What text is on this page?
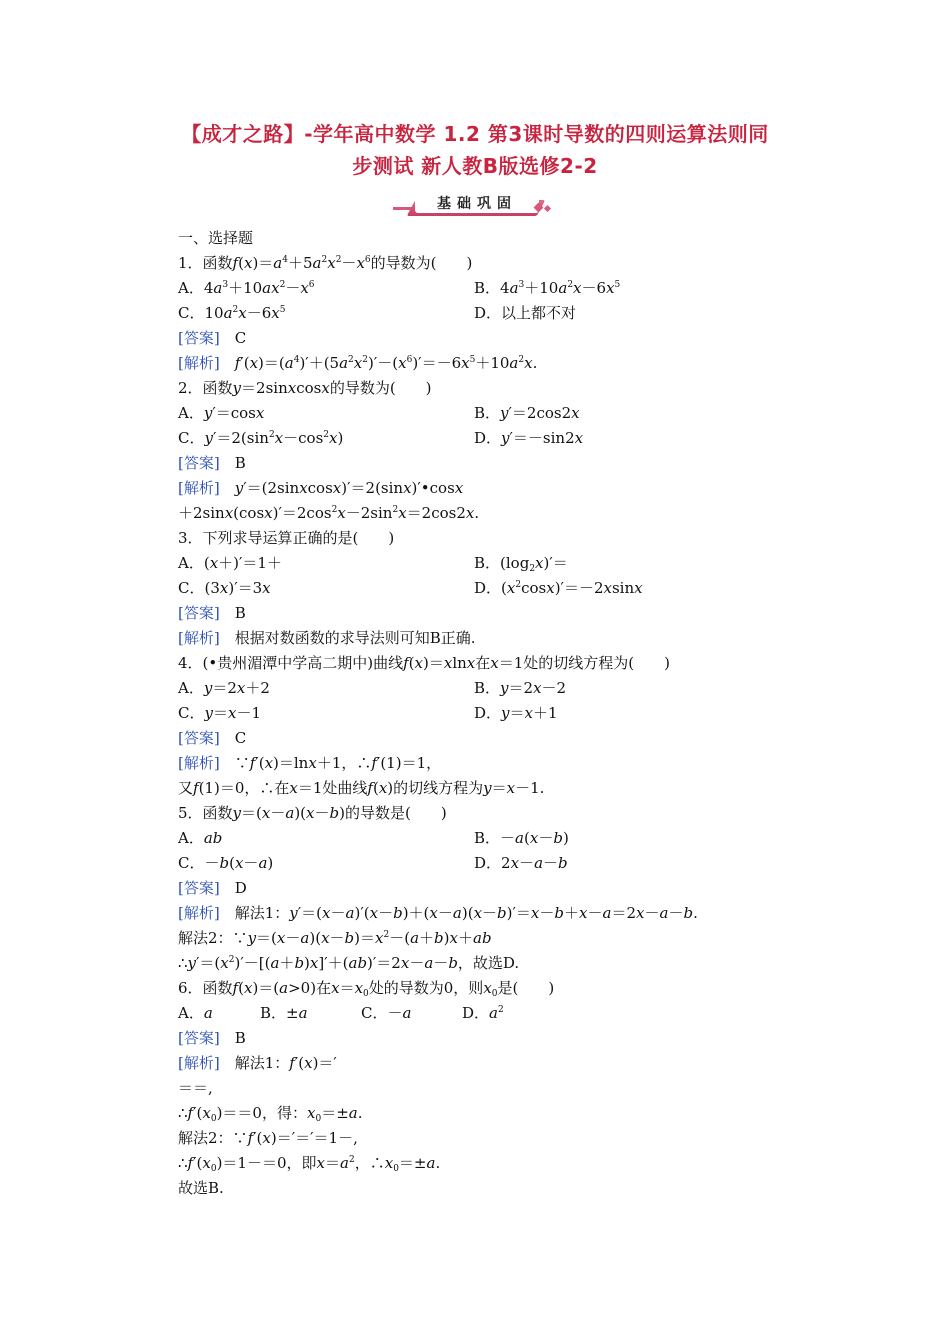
【成才之路】-学年高中数学 1.2 第3课时导数的四则运算法则同
步测试 新人教B版选修2-2
基础巩固
一、选择题
1．函数$f(x)=a^4+5a^2x^2-x^6$的导数为(　　)
A．$4a^3+10ax^2-x^6$	B．$4a^3+10a^2x-6x^5$
C．$10a^2x-6x^5$	D．以上都不对
[答案]　 C
[解析]　 $f'(x)=(a^4)'+(5a^2x^2)'-(x^6)'=-6x^5+10a^2x$.
2．函数y＝2sinxcosx的导数为(　　)
A．y′＝cosx	B．y′＝2cos2x
C．$y'=2(\sin^2x-\cos^2x)$	D．y′＝－sin2x
[答案]　 B
[解析]　 y′＝(2sinxcosx)′＝2(sinx)′•cosx
$+2\sin x(\cos x)'=2\cos^2x-2\sin^2x=2\cos 2x$.
3．下列求导运算正确的是(　　)
A．(x＋)′＝1＋	B．$(\log_2x)'=$
C．(3x)′＝3x	D．$(x^2\cos x)'=-2xsinx$
[答案]　 B
[解析]　 根据对数函数的求导法则可知B正确.
4．(•贵州湄潭中学高二期中)曲线f(x)＝xlnx在x＝1处的切线方程为(　　)
A．y＝2x＋2	B．y＝2x－2
C．y＝x－1	D．y＝x＋1
[答案]　 C
[解析]　∵f′(x)＝lnx＋1，∴f′(1)＝1，
又f(1)＝0，∴在x＝1处曲线f(x)的切线方程为y＝x－1.
5．函数y＝(x－a)(x－b)的导数是(　　)
A．ab	B．－a(x－b)
C．－b(x－a)	D．2x－a－b
[答案]　 D
[解析]　 解法1：y′＝(x－a)′(x－b)＋(x－a)(x－b)′＝x－b＋x－a＝2x－a－b.
解法2：$\because y=(x-a)(x-b)=x^2-(a+b)x+ab$
$\therefore y'=(x^2)'-[(a+b)x]'+(ab)'=2x-a-b$，故选D.
6．函数f(x)＝(a>0)在$x=x_0$处的导数为0，则$x_0$是(　　)
A．a	B．±a	C．－a	D．$a^2$
[答案]　 B
[解析]　 解法1：f′(x)＝′
＝＝,
$\therefore f'(x_0)==0$，得：$x_0=\pm a$.
解法2：∵f′(x)＝′＝′＝1－,
$\therefore f'(x_0)=1-=0$，即$x=a^2$，$\therefore x_0=\pm a$.
故选B.
